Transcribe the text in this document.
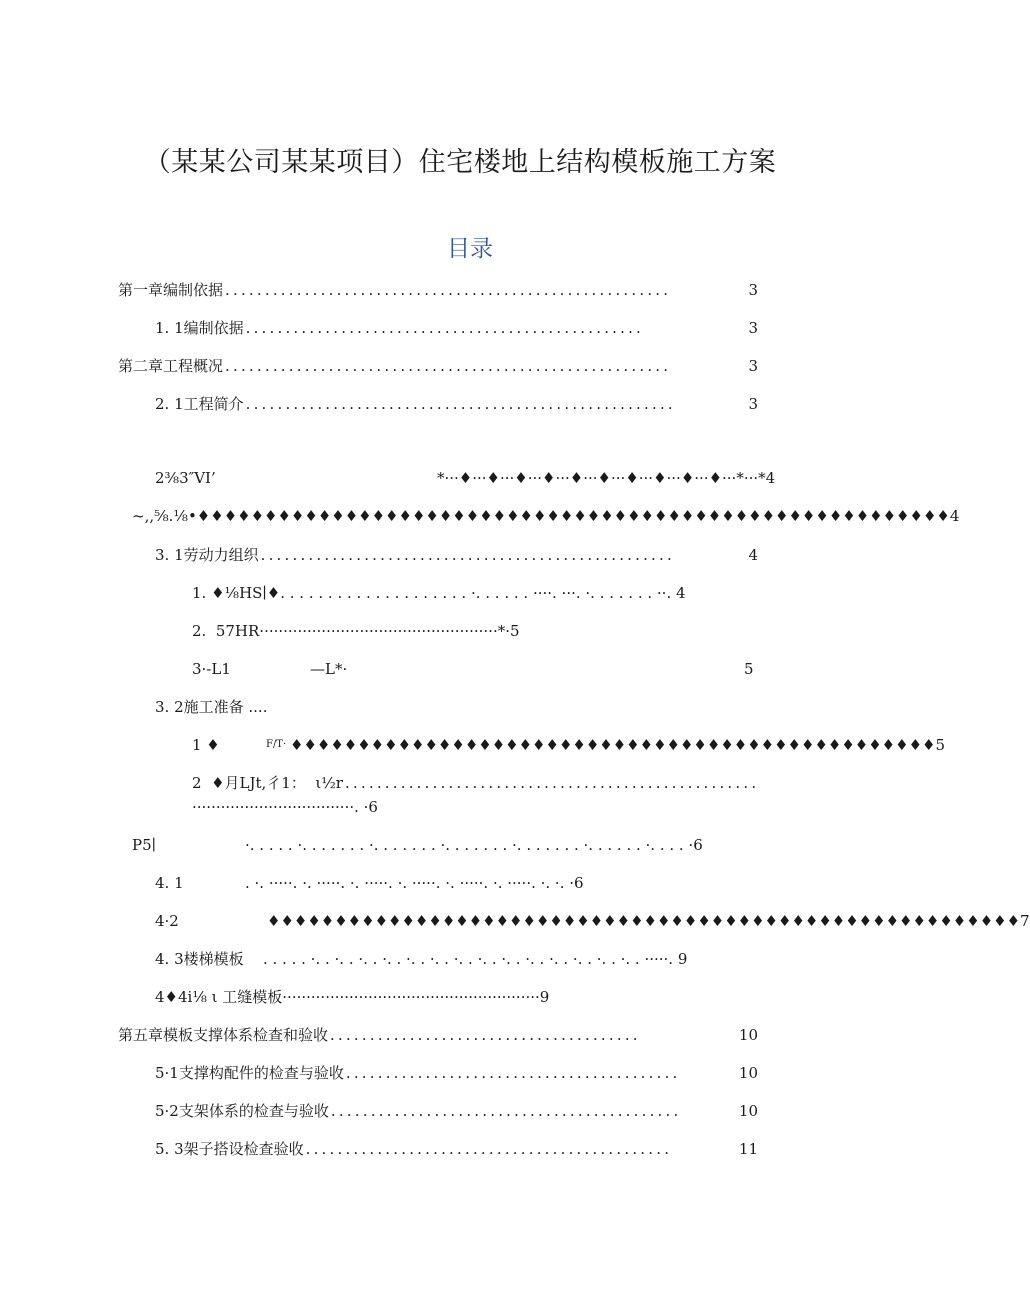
（某某公司某某项目）住宅楼地上结构模板施工方案
目录
第一章编制依据 ........................................................	3
1. 1编制依据 ..................................................	3
第二章工程概况 ........................................................	3
2. 1工程简介 ......................................................	3
2⅜3″VI’	*···♦···♦···♦···♦···♦···♦···♦···♦···♦···♦···*···*4
~,,⅝.⅛•♦♦♦♦♦♦♦♦♦♦♦♦♦♦♦♦♦♦♦♦♦♦♦♦♦♦♦♦♦♦♦♦♦♦♦♦♦♦♦♦♦♦♦♦♦♦♦♦♦♦♦♦♦♦♦♦4
3. 1劳动力组织 ....................................................	4
1. ♦⅛HS∣♦. . . . . . . . . . . . . . . . . . . . ·. . . . . . ····. ···. ·. . . . . . . ··. 4
2.  57HR··················································*·5
3·-L1	—L*·	5
3. 2施工准备 ....
1 ♦	F/T· ♦♦♦♦♦♦♦♦♦♦♦♦♦♦♦♦♦♦♦♦♦♦♦♦♦♦♦♦♦♦♦♦♦♦♦♦♦♦♦♦♦♦♦♦♦♦♦♦5
2  ♦月LJt,彳1：  ι½r ....................................................
··································. ·6
P5∣	·. . . . . ·. . . . . . . ·. . . . . . . ·. . . . . . . ·. . . . . . . ·. . . . . . ·. . . . ·6
4. 1	. ·. ·····. ·. ·····. ·. ·····. ·. ·····. ·. ·····. ·. ·····. ·. ·. ·6
4·2	♦♦♦♦♦♦♦♦♦♦♦♦♦♦♦♦♦♦♦♦♦♦♦♦♦♦♦♦♦♦♦♦♦♦♦♦♦♦♦♦♦♦♦♦♦♦♦♦♦♦♦♦♦♦♦♦7
4. 3楼梯模板 . . . . . ·. . ·. . ·. . ·. . ·. . ·. . ·. . ·. . ·. . ·. . ·. . ·. . ·. . ·. . ·····. 9
4♦4i⅛ ι 工缝模板······················································9
第五章模板支撑体系检查和验收 .......................................	10
5·1支撑构配件的检查与验收 ..........................................	10
5·2支架体系的检查与验收 ............................................	10
5. 3架子搭设检查验收 ..............................................	11
